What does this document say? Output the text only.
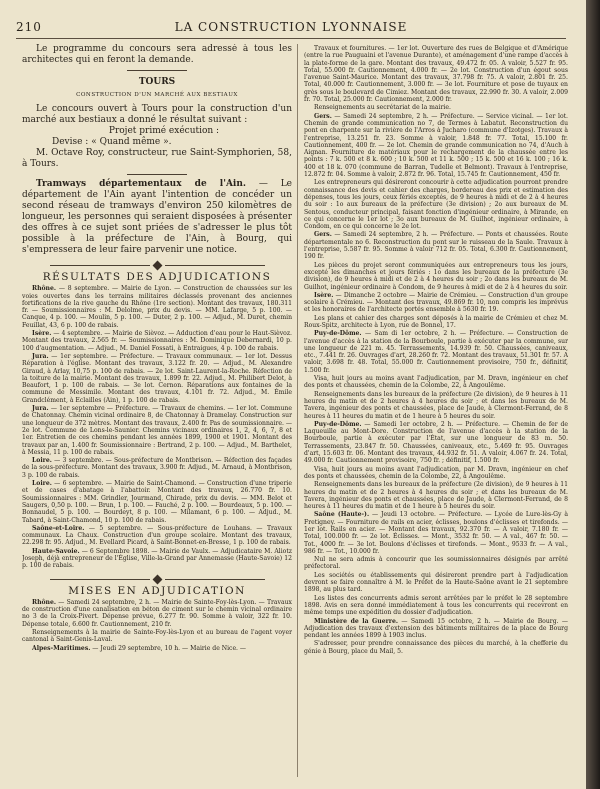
210	LA CONSTRUCTION LYONNAISE

Le programme du concours sera adressé à tous les architectes qui en feront la demande.

TOURS
CONSTRUCTION D'UN MARCHÉ AUX BESTIAUX

Le concours ouvert à Tours pour la construction d'un marché aux bestiaux a donné le résultat suivant :

Projet primé exécution :

Devise : « Quand même ».

M. Octave Roy, constructeur, rue Saint-Symphorien, 58, à Tours.

Tramways départementaux de l'Ain. — Le département de l'Ain ayant l'intention de concéder un second réseau de tramways d'environ 250 kilomètres de longueur, les personnes qui seraient disposées à présenter des offres à ce sujet sont priées de s'adresser le plus tôt possible à la préfecture de l'Ain, à Bourg, qui s'empressera de leur faire parvenir une notice.

RÉSULTATS DES ADJUDICATIONS

Rhône. — 8 septembre. — Mairie de Lyon. — Construction de chaussées sur les voies ouvertes dans les terrains militaires déclassés provenant des anciennes fortifications de la rive gauche du Rhône (1re section). Montant des travaux, 180.311 fr. — Soumissionnaires : M. Delolme, prix du devis. — MM. Lafarge, 5 p. 100. — Canque, 4 p. 100. — Moulin, 5 p. 100. — Duter, 2 p. 100. — Adjud., M. Duret, chemin Feuillat, 43, 6 p. 100 de rabais.

Isère. — 4 septembre. — Mairie de Sièvoz. — Adduction d'eau pour le Haut-Sièvoz. Montant des travaux, 2.565 fr. — Soumissionnaires : M. Dominique Debernardi, 10 p. 100 d'augmentation. — Adjud., M. Daniel Fossati, à Entraigues, 4 p. 100 de rabais.

Jura. — 1er septembre. — Préfecture. — Travaux communaux. — 1er lot. Dessus Réparation à l'église. Montant des travaux, 3.122 fr. 20. — Adjud., M. Alexandre Giraud, à Arlay, 10,75 p. 100 de rabais. — 2e lot. Saint-Laurent-la-Roche. Réfection de la toiture de la mairie. Montant des travaux, 1.899 fr. 22. Adjud., M. Philibert Delot, à Beaufort, 1 p. 100 de rabais. — 3e lot. Cernon. Réparations aux fontaines de la commune de Messimile. Montant des travaux, 4.101 fr. 72. Adjud., M. Émile Grandclément, à Eclailles (Ain), 1 p. 100 de rabais.

Jura. — 1er septembre — Préfecture. — Travaux de chemins. — 1er lot. Commune de Chatonnay. Chemin vicinal ordinaire 8, de Chatonnay à Dramelay. Construction sur une longueur de 372 mètres. Montant des travaux, 2.400 fr. Pas de soumissionnaire. — 2e lot. Commune de Lons-le-Saunier. Chemins vicinaux ordinaires 1, 2, 4, 6, 7, 8 et 1er. Entretien de ces chemins pendant les années 1899, 1900 et 1901. Montant des travaux par an, 1.400 fr. Soumissionnaire : Bertrand, 2 p. 100. — Adjud., M. Barthelet, à Messia, 11 p. 100 de rabais.

Loire. — 3 septembre. — Sous-préfecture de Montbrison. — Réfection des façades de la sous-préfecture. Montant des travaux, 3.900 fr. Adjud., M. Arnaud, à Montbrison, 3 p. 100 de rabais.

Loire. — 6 septembre. — Mairie de Saint-Chamond. — Construction d'une triperie et de cases d'abatage à l'abattoir. Montant des travaux, 26.770 fr. 10. Soumissionnaires : MM. Grindler, Jourmand, Chirade, prix du devis. — MM. Belot et Saugers, 0,50 p. 100. — Brun, 1 p. 100. — Fauché, 2 p. 100. — Bourdeaux, 5 p. 100. — Bonnaudel, 5 p. 100. — Bourdeyt, 8 p. 100. — Milamant, 6 p. 100. — Adjud., M. Tabard, à Saint-Chamond, 10 p. 100 de rabais.

Saône-et-Loire. — 5 septembre. — Sous-préfecture de Louhans. — Travaux communaux. La Chaux. Construction d'un groupe scolaire. Montant des travaux, 22.298 fr. 95. Adjud., M. Evellard Picard, à Saint-Bonnet-en-Bresse, 1 p. 100 de rabais.

Haute-Savoie. — 6 Septembre 1898. — Mairie de Vaulx. — Adjudicataire M. Aliotz Joseph, déjà entrepreneur de l'Église, Ville-la-Grand par Annemasse (Haute-Savoie) 12 p. 100 de rabais.

MISES EN ADJUDICATION

Rhône. — Samedi 24 septembre, 2 h. — Mairie de Sainte-Foy-lès-Lyon. — Travaux de construction d'une canalisation en béton de ciment sur le chemin vicinal ordinaire no 3 de la Croix-Pivert. Dépense prévue, 6.277 fr. 90. Somme à valoir, 322 fr. 10. Dépense totale, 6.600 fr. Cautionnement, 210 fr.

Renseignements à la mairie de Sainte-Foy-lès-Lyon et au bureau de l'agent voyer cantonal à Saint-Genis-Laval.

Alpes-Maritimes. — Jeudi 29 septembre, 10 h. — Mairie de Nice. —

Travaux et fournitures. — 1er lot. Ouverture des rues de Belgique et d'Amérique (entre la rue Pauguaini et l'avenue Durante), et aménagement d'une rampe d'accès à la plate-forme de la gare. Montant des travaux, 49.472 fr. 05. A valoir, 5.527 fr. 95. Total, 55.000 fr. Cautionnement, 4.000 fr. — 2e lot. Construction d'un égout sous l'avenue Saint-Maurice. Montant des travaux, 37.798 fr. 75. A valoir, 2.801 fr. 25. Total, 40.000 fr. Cautionnement, 3.000 fr. — 3e lot. Fourniture et pose de tuyaux en grès sous le boulevard de Cimiez. Montant des travaux, 22.990 fr. 30. A valoir, 2.009 fr. 70. Total, 25.000 fr. Cautionnement, 2.000 fr.

Renseignements au secrétariat de la mairie.

Gers. — Samedi 24 septembre, 2 h. — Préfecture. — Service vicinal. — 1er lot. Chemin de grande communication no 7, de Termes à Labatut. Reconstruction du pont en charpente sur la rivière de l'Arros à Jucharo (commune d'Izotges). Travaux à l'entreprise, 13.251 fr. 23. Somme à valoir, 1.848 fr. 77. Total, 15.100 fr. Cautionnement, 400 fr. — 2e lot. Chemin de grande communication no 74, d'Auch à Aignan. Fourniture de matériaux pour le rechargement de la chaussée entre les points : 7 k. 500 et 8 k. 600 ; 10 k. 500 et 11 k. 500 ; 15 k. 500 et 16 k. 100 ; 16 k. 400 et 18 k. 070 (commune de Barran, Tudelle et Belmont). Travaux à l'entreprise, 12.872 fr. 04. Somme à valoir, 2.872 fr. 96. Total, 15.745 fr. Cautionnement, 450 fr.

Les entrepreneurs qui désireront concourir à cette adjudication pourront prendre connaissance des devis et cahier des charges, bordereau des prix et estimation des dépenses, tous les jours, ceux fériés exceptés, de 9 heures à midi et de 2 à 4 heures du soir : 1o aux bureaux de la préfecture (3e division) ; 2o aux bureaux de M. Sentous, conducteur principal, faisant fonction d'ingénieur ordinaire, à Mirande, en ce qui concerne le 1er lot ; 3o aux bureaux de M. Guilhot, ingénieur ordinaire, à Condom, en ce qui concerne le 2e lot.

Gers. — Samedi 24 septembre, 2 h. — Préfecture. — Ponts et chaussées. Route départementale no 6. Reconstruction du pont sur le ruisseau de la Saule. Travaux à l'entreprise, 5.587 fr. 95. Somme à valoir 712 fr. 05. Total, 6.300 fr. Cautionnement, 190 fr.

Les pièces du projet seront communiquées aux entrepreneurs tous les jours, excepté les dimanches et jours fériés : 1o dans les bureaux de la préfecture (3e division), de 9 heures à midi et de 2 à 4 heures du soir ; 2o dans les bureaux de M. Guilhot, ingénieur ordinaire à Condom, de 9 heures à midi et de 2 à 4 heures du soir.

Isère. — Dimanche 2 octobre — Mairie de Crémieu. — Construction d'un groupe scolaire à Crémieu. — Montant des travaux, 49.869 fr. 10, non compris les imprévus et les honoraires de l'architecte portés ensemble à 5630 fr. 19.

Les plans et cahier des charges sont déposés à la mairie de Crémieu et chez M. Roux-Spitz, architecte à Lyon, rue de Bonnel, 17.

Puy-de-Dôme. — Sam di 1er octobre, 2 h. — Préfecture. — Construction de l'avenue d'accès à la station de la Bourboule, partie à exécuter par la commune, sur une longueur de 221 m. 45. Terrassements, 14.939 fr. 50. Chaussées, caniveaux, etc., 7.441 fr. 26. Ouvrages d'art, 28.260 fr. 72. Montant des travaux, 51.301 fr. 57. A valoir, 3.698 fr. 48. Total, 55.000 fr. Cautionnement provisoire, 750 fr., définitif, 1.500 fr.

Visa, huit jours au moins avant l'adjudication, par M. Dravn, ingénieur en chef des ponts et chaussées, chemin de la Colombe, 22, à Angoulême.

Renseignements dans les bureaux de la préfecture (2e division), de 9 heures à 11 heures du matin et de 2 heures à 4 heures du soir ; et dans les bureaux de M. Tavera, ingénieur des ponts et chaussées, place de Jaude, à Clermont-Ferrand, de 8 heures à 11 heures du matin et de 1 heure à 5 heures du soir.

Puy-de-Dôme. — Samedi 1er octobre, 2 h. — Préfecture. — Chemin de fer de Laqueuille au Mont-Dore. Construction de l'avenue d'accès à la station de la Bourboule, partie à exécuter par l'État, sur une longueur de 83 m. 50. Terrassements, 23.847 fr. 50. Chaussées, caniveaux, etc., 5.469 fr. 95. Ouvrages d'art, 15.603 fr. 06. Montant des travaux, 44.932 fr. 51. A valoir, 4.067 fr. 24. Total, 49.000 fr. Cautionnement provisoire, 750 fr. ; définitif, 1.500 fr.

Visa, huit jours au moins avant l'adjudication, par M. Dravn, ingénieur en chef des ponts et chaussées, chemin de la Colombe, 22, à Angoulême.

Renseignements dans les bureaux de la préfecture (2e division), de 9 heures à 11 heures du matin et de 2 heures à 4 heures du soir ; et dans les bureaux de M. Tavera, ingénieur des ponts et chaussées, place de Jaude, à Clermont-Ferrand, de 8 heures à 11 heures du matin et de 1 heure à 5 heures du soir.

Saône (Haute-). — Jeudi 13 octobre. — Préfecture. — Lycée de Lure-lès-Gy à Fretigney. — Fourniture de rails en acier, éclisses, boulons d'éclisses et tirefonds. — 1er lot. Rails en acier. — Montant des travaux, 92.370 fr. — A valoir, 7.180 fr. — Total, 100.000 fr. — 2e lot. Éclisses. — Mont., 3532 fr. 50. — A val., 467 fr. 50. — Tot., 4000 fr. — 3e lot. Boulons d'éclisses et tirefonds. — Mont., 9533 fr. — A val., 986 fr. — Tot., 10.000 fr.

Nul ne sera admis à concourir que les soumissionnaires désignés par arrêté préfectoral.

Les sociétés ou établissements qui désireront prendre part à l'adjudication devront se faire connaître à M. le Préfet de la Haute-Saône avant le 21 septembre 1898, au plus tard.

Les listes des concurrents admis seront arrêtées par le préfet le 28 septembre 1898. Avis en sera donné immédiatement à tous les concurrents qui recevront en même temps une expédition du dossier d'adjudication.

Ministère de la Guerre. — Samedi 15 octobre, 2 h. — Mairie de Bourg. — Adjudication des travaux d'extension des bâtiments militaires de la place de Bourg pendant les années 1899 à 1903 inclus.

S'adresser, pour prendre connaissance des pièces du marché, à la chefferie du génie à Bourg, place du Mail, 5.
